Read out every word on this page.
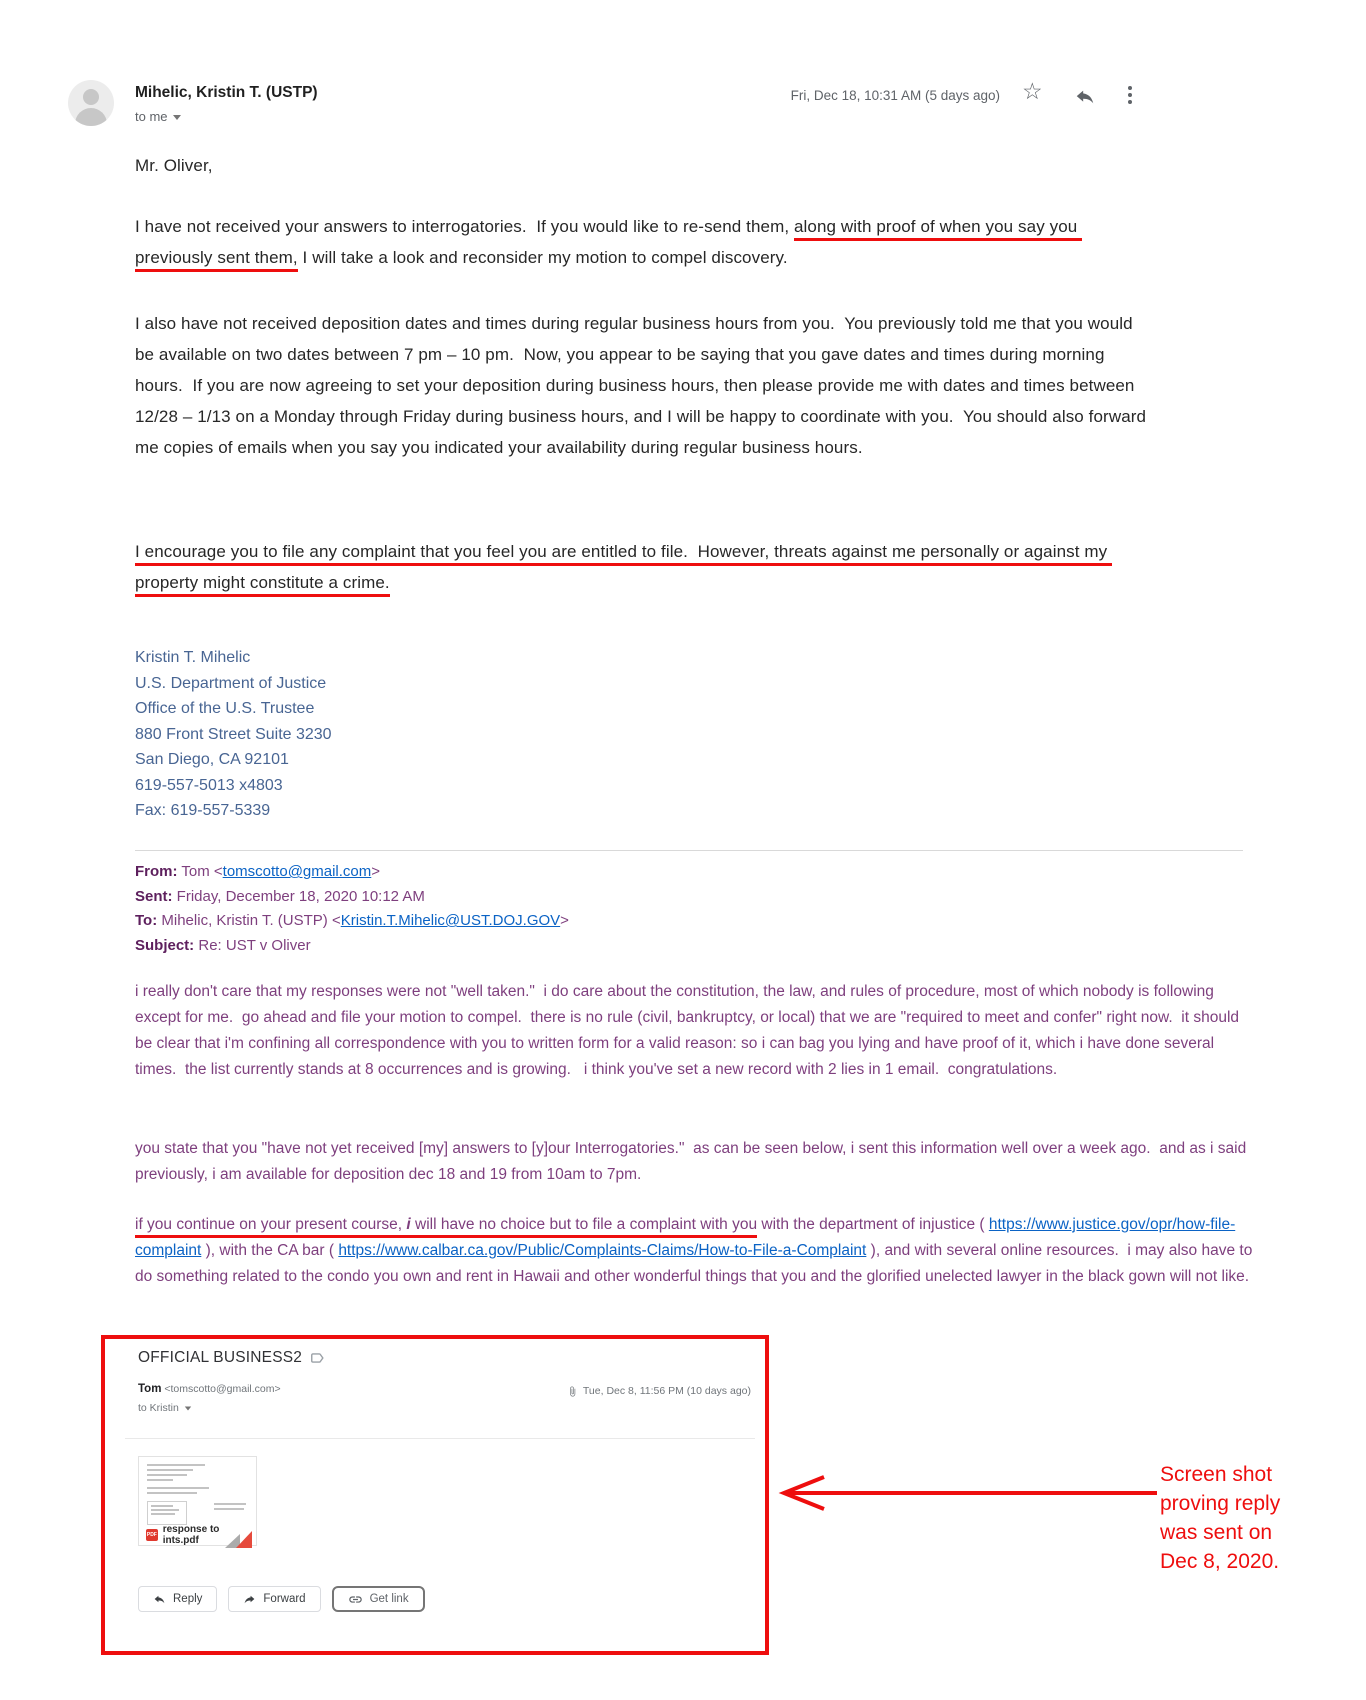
Mihelic, Kristin T. (USTP)
to me
Fri, Dec 18, 10:31 AM (5 days ago) ☆
Mr. Oliver,
I have not received your answers to interrogatories.  If you would like to re-send them, along with proof of when you say you previously sent them, I will take a look and reconsider my motion to compel discovery.
I also have not received deposition dates and times during regular business hours from you.  You previously told me that you would be available on two dates between 7 pm – 10 pm.  Now, you appear to be saying that you gave dates and times during morning hours.  If you are now agreeing to set your deposition during business hours, then please provide me with dates and times between 12/28 – 1/13 on a Monday through Friday during business hours, and I will be happy to coordinate with you.  You should also forward me copies of emails when you say you indicated your availability during regular business hours.
I encourage you to file any complaint that you feel you are entitled to file.  However, threats against me personally or against my property might constitute a crime.
Kristin T. Mihelic
U.S. Department of Justice
Office of the U.S. Trustee
880 Front Street Suite 3230
San Diego, CA 92101
619-557-5013 x4803
Fax: 619-557-5339
From: Tom <tomscotto@gmail.com>
Sent: Friday, December 18, 2020 10:12 AM
To: Mihelic, Kristin T. (USTP) <Kristin.T.Mihelic@UST.DOJ.GOV>
Subject: Re: UST v Oliver
i really don't care that my responses were not "well taken."  i do care about the constitution, the law, and rules of procedure, most of which nobody is following except for me.  go ahead and file your motion to compel.  there is no rule (civil, bankruptcy, or local) that we are "required to meet and confer" right now.  it should be clear that i'm confining all correspondence with you to written form for a valid reason: so i can bag you lying and have proof of it, which i have done several times.  the list currently stands at 8 occurrences and is growing.   i think you've set a new record with 2 lies in 1 email.  congratulations.
you state that you "have not yet received [my] answers to [y]our Interrogatories."  as can be seen below, i sent this information well over a week ago.  and as i said previously, i am available for deposition dec 18 and 19 from 10am to 7pm.
if you continue on your present course, i will have no choice but to file a complaint with you with the department of injustice ( https://www.justice.gov/opr/how-file-complaint ), with the CA bar ( https://www.calbar.ca.gov/Public/Complaints-Claims/How-to-File-a-Complaint ), and with several online resources.  i may also have to do something related to the condo you own and rent in Hawaii and other wonderful things that you and the glorified unelected lawyer in the black gown will not like.
OFFICIAL BUSINESS2
Tom <tomscotto@gmail.com>	Tue, Dec 8, 11:56 PM (10 days ago)
to Kristin
PDF response to ints.pdf
Reply	Forward	Get link
Screen shot
proving reply
was sent on
Dec 8, 2020.
